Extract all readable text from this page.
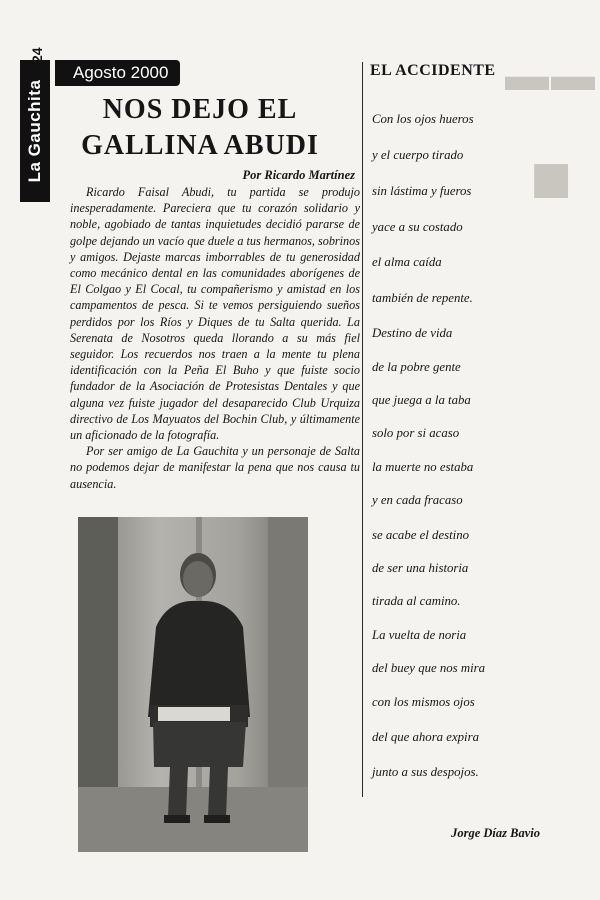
▬▬
■
La Gauchita
24
Agosto 2000
NOS DEJO EL
GALLINA ABUDI
Por Ricardo Martínez

Ricardo Faisal Abudi, tu partida se produjo inesperadamente. Pareciera que tu corazón solidario y noble, agobiado de tantas inquietudes decidió pararse de golpe dejando un vacío que duele a tus hermanos, sobrinos y amigos. Dejaste marcas imborrables de tu generosidad como mecánico dental en las comunidades aborígenes de El Colgao y El Cocal, tu compañerismo y amistad en los campamentos de pesca. Si te vemos persiguiendo sueños perdidos por los Ríos y Diques de tu Salta querida. La Serenata de Nosotros queda llorando a su más fiel seguidor. Los recuerdos nos traen a la mente tu plena identificación con la Peña El Buho y que fuiste socio fundador de la Asociación de Protesistas Dentales y que alguna vez fuiste jugador del desaparecido Club Urquiza directivo de Los Mayuatos del Bochin Club, y últimamente un aficionado de la fotografía.

Por ser amigo de La Gauchita y un personaje de Salta no podemos dejar de manifestar la pena que nos causa tu ausencia.

EL ACCIDENTE
Con los ojos hueros
y el cuerpo tirado
sin lástima y fueros
yace a su costado
el alma caída
también de repente.
Destino de vida
de la pobre gente
que juega a la taba
solo por si acaso
la muerte no estaba
y en cada fracaso
se acabe el destino
de ser una historia
tirada al camino.
La vuelta de noria
del buey que nos mira
con los mismos ojos
del que ahora expira
junto a sus despojos.
Jorge Díaz Bavio
